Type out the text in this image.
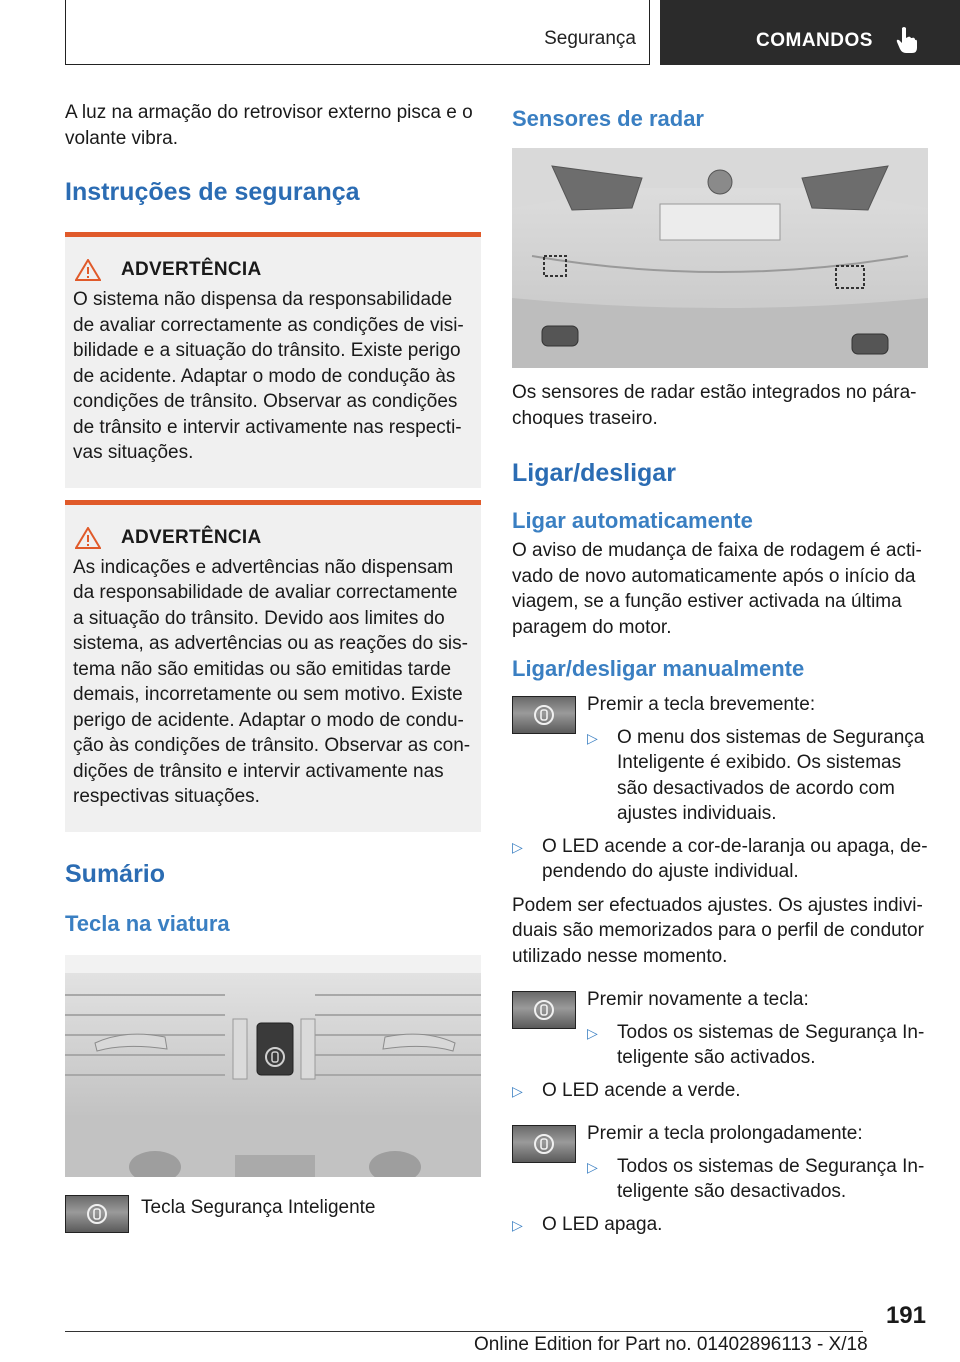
Segurança	COMANDOS

A luz na armação do retrovisor externo pisca e o volante vibra.

Instruções de segurança
ADVERTÊNCIA

O sistema não dispensa da responsabilidade de avaliar correctamente as condições de visibilidade e a situação do trânsito. Existe perigo de acidente. Adaptar o modo de condução às condições de trânsito. Observar as condições de trânsito e intervir activamente nas respectivas situações.

ADVERTÊNCIA

As indicações e advertências não dispensam da responsabilidade de avaliar correctamente a situação do trânsito. Devido aos limites do sistema, as advertências ou as reações do sistema não são emitidas ou são emitidas tarde demais, incorretamente ou sem motivo. Existe perigo de acidente. Adaptar o modo de condução às condições de trânsito. Observar as condições de trânsito e intervir activamente nas respectivas situações.

Sumário
Tecla na viatura

Tecla Segurança Inteligente

Sensores de radar

Os sensores de radar estão integrados no pára-choques traseiro.

Ligar/desligar
Ligar automaticamente

O aviso de mudança de faixa de rodagem é activado de novo automaticamente após o início da viagem, se a função estiver activada na última paragem do motor.

Ligar/desligar manualmente

Premir a tecla brevemente:

▷	O menu dos sistemas de Segurança Inteligente é exibido. Os sistemas são desactivados de acordo com ajustes individuais.

▷	O LED acende a cor-de-laranja ou apaga, dependendo do ajuste individual.

Podem ser efectuados ajustes. Os ajustes individuais são memorizados para o perfil de condutor utilizado nesse momento.

Premir novamente a tecla:

▷	Todos os sistemas de Segurança Inteligente são activados.

▷	O LED acende a verde.

Premir a tecla prolongadamente:

▷	Todos os sistemas de Segurança Inteligente são desactivados.

▷	O LED apaga.

191
Online Edition for Part no. 01402896113 - X/18
